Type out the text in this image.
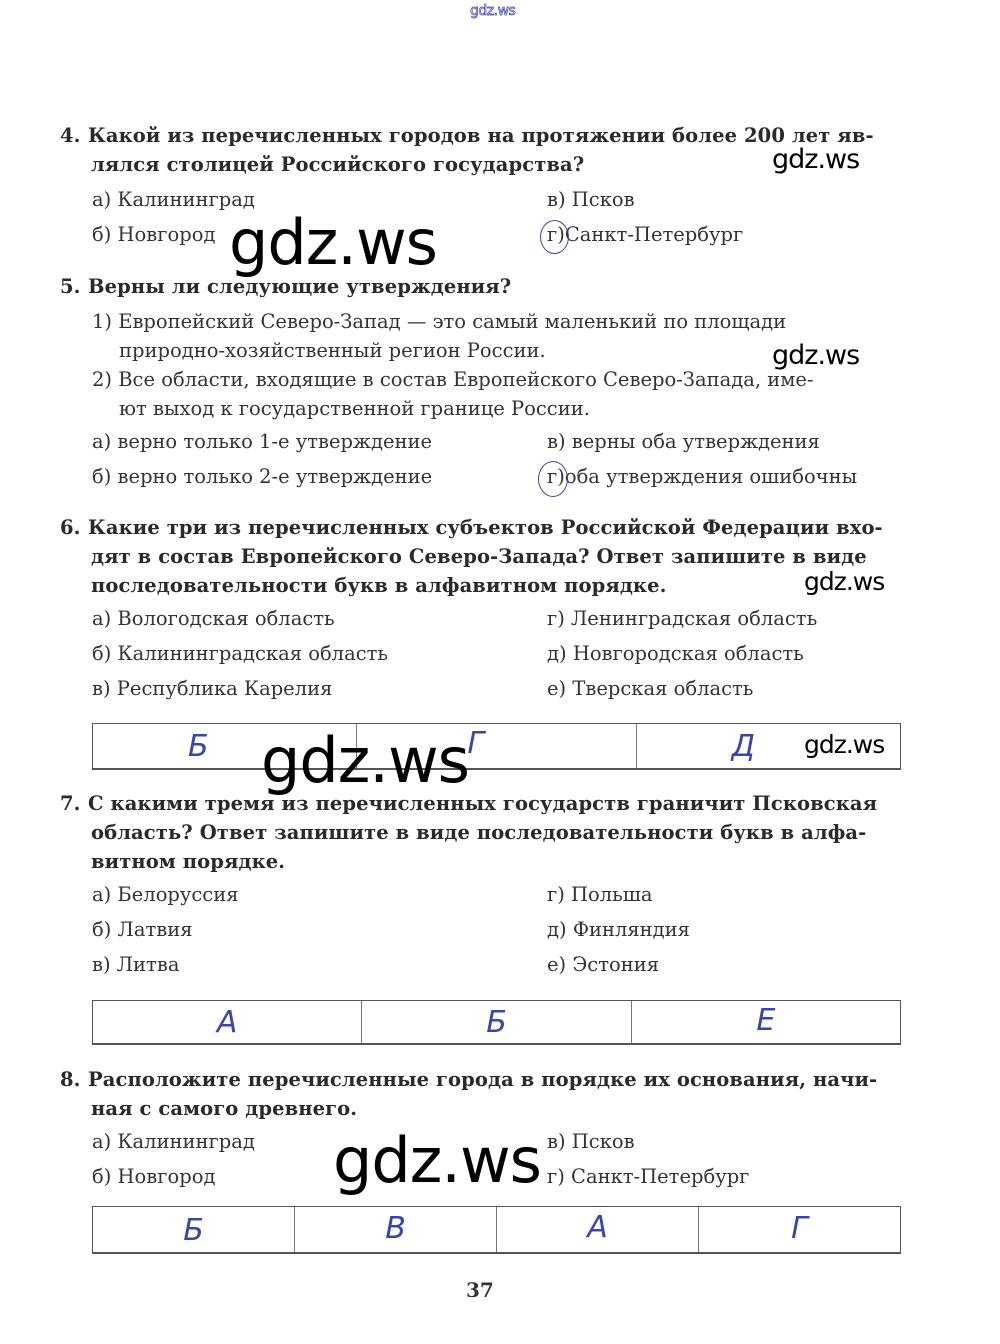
gdz.ws
4. Какой из перечисленных городов на протяжении более 200 лет яв-
лялся столицей Российского государства?
а) Калининград
б) Новгород
в) Псков
г)Санкт-Петербург
5. Верны ли следующие утверждения?
1) Европейский Северо-Запад — это самый маленький по площади
природно-хозяйственный регион России.
2) Все области, входящие в состав Европейского Северо-Запада, име-
ют выход к государственной границе России.
а) верно только 1-е утверждение
б) верно только 2-е утверждение
в) верны оба утверждения
г)оба утверждения ошибочны
6. Какие три из перечисленных субъектов Российской Федерации вхо-
дят в состав Европейского Северо-Запада? Ответ запишите в виде
последовательности букв в алфавитном порядке.
а) Вологодская область
б) Калининградская область
в) Республика Карелия
г) Ленинградская область
д) Новгородская область
е) Тверская область
Б	Г	Д
7. С какими тремя из перечисленных государств граничит Псковская
область? Ответ запишите в виде последовательности букв в алфа-
витном порядке.
а) Белоруссия
б) Латвия
в) Литва
г) Польша
д) Финляндия
е) Эстония
А	Б	Е
8. Расположите перечисленные города в порядке их основания, начи-
ная с самого древнего.
а) Калининград
б) Новгород
в) Псков
г) Санкт-Петербург
Б	В	А	Г
37
gdz.ws
gdz.ws
gdz.ws
gdz.ws
gdz.ws	gdz.ws
gdz.ws
